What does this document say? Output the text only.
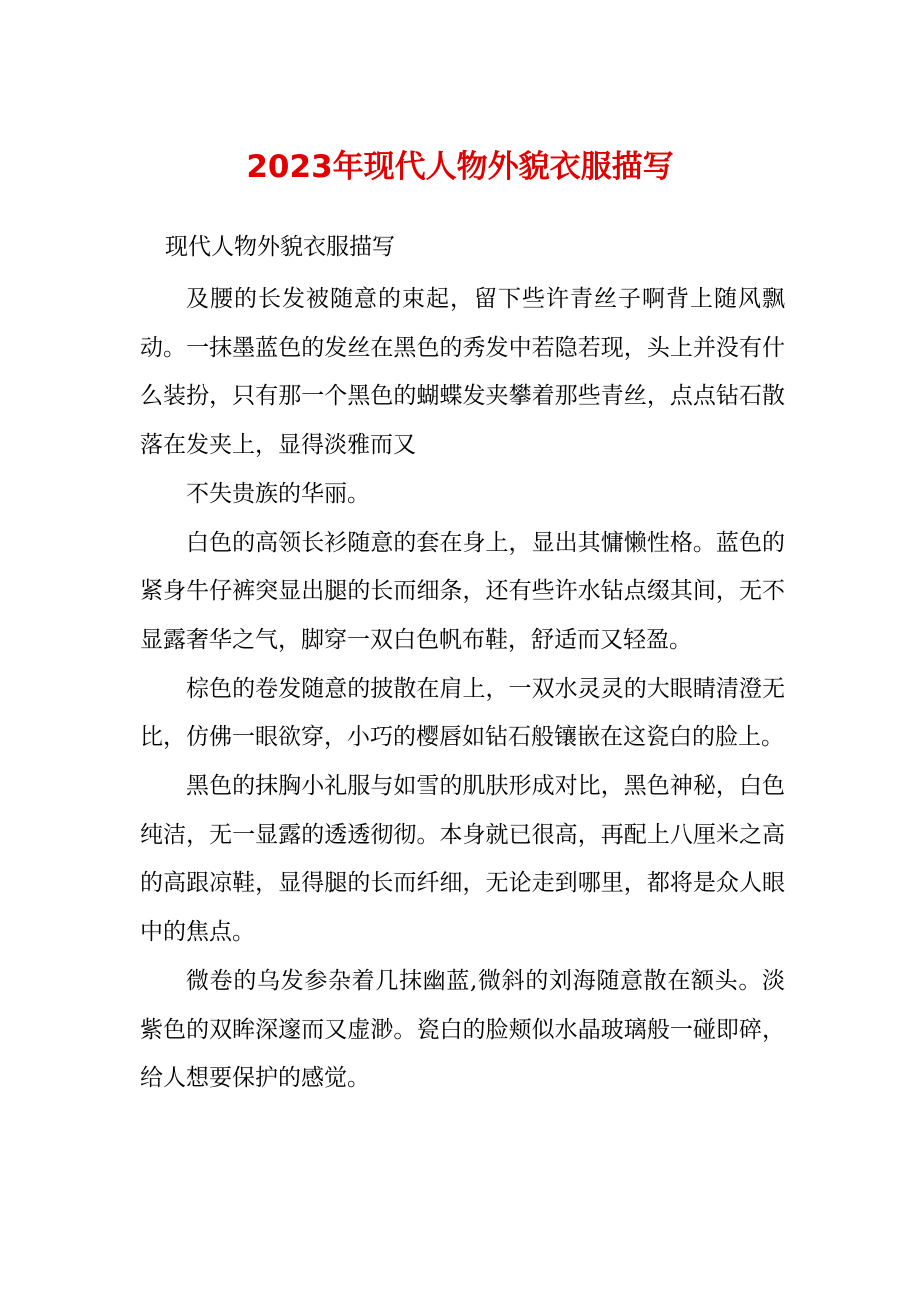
2023年现代人物外貌衣服描写
现代人物外貌衣服描写

及腰的长发被随意的束起，留下些许青丝子啊背上随风飘动。一抹墨蓝色的发丝在黑色的秀发中若隐若现，头上并没有什么装扮，只有那一个黑色的蝴蝶发夹攀着那些青丝，点点钻石散落在发夹上，显得淡雅而又

不失贵族的华丽。

白色的高领长衫随意的套在身上，显出其慵懒性格。蓝色的紧身牛仔裤突显出腿的长而细条，还有些许水钻点缀其间，无不显露奢华之气，脚穿一双白色帆布鞋，舒适而又轻盈。

棕色的卷发随意的披散在肩上，一双水灵灵的大眼睛清澄无比，仿佛一眼欲穿，小巧的樱唇如钻石般镶嵌在这瓷白的脸上。

黑色的抹胸小礼服与如雪的肌肤形成对比，黑色神秘，白色纯洁，无一显露的透透彻彻。本身就已很高，再配上八厘米之高的高跟凉鞋，显得腿的长而纤细，无论走到哪里，都将是众人眼中的焦点。

微卷的乌发参杂着几抹幽蓝,微斜的刘海随意散在额头。淡紫色的双眸深邃而又虚渺。瓷白的脸颊似水晶玻璃般一碰即碎，给人想要保护的感觉。
